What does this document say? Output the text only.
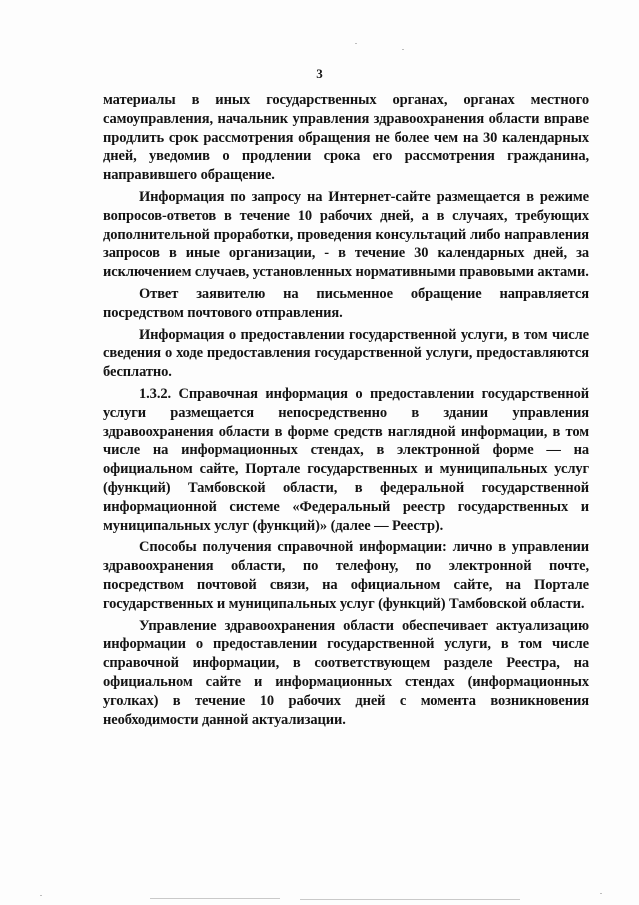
3

материалы в иных государственных органах, органах местного самоуправления, начальник управления здравоохранения области вправе продлить срок рассмотрения обращения не более чем на 30 календарных дней, уведомив о продлении срока его рассмотрения гражданина, направившего обращение.

Информация по запросу на Интернет-сайте размещается в режиме вопросов-ответов в течение 10 рабочих дней, а в случаях, требующих дополнительной проработки, проведения консультаций либо направления запросов в иные организации, - в течение 30 календарных дней, за исключением случаев, установленных нормативными правовыми актами.

Ответ заявителю на письменное обращение направляется посредством почтового отправления.

Информация о предоставлении государственной услуги, в том числе сведения о ходе предоставления государственной услуги, предоставляются бесплатно.

1.3.2. Справочная информация о предоставлении государственной услуги размещается непосредственно в здании управления здравоохранения области в форме средств наглядной информации, в том числе на информационных стендах, в электронной форме — на официальном сайте, Портале государственных и муниципальных услуг (функций) Тамбовской области, в федеральной государственной информационной системе «Федеральный реестр государственных и муниципальных услуг (функций)» (далее — Реестр).

Способы получения справочной информации: лично в управлении здравоохранения области, по телефону, по электронной почте, посредством почтовой связи, на официальном сайте, на Портале государственных и муниципальных услуг (функций) Тамбовской области.

Управление здравоохранения области обеспечивает актуализацию информации о предоставлении государственной услуги, в том числе справочной информации, в соответствующем разделе Реестра, на официальном сайте и информационных стендах (информационных уголках) в течение 10 рабочих дней с момента возникновения необходимости данной актуализации.
